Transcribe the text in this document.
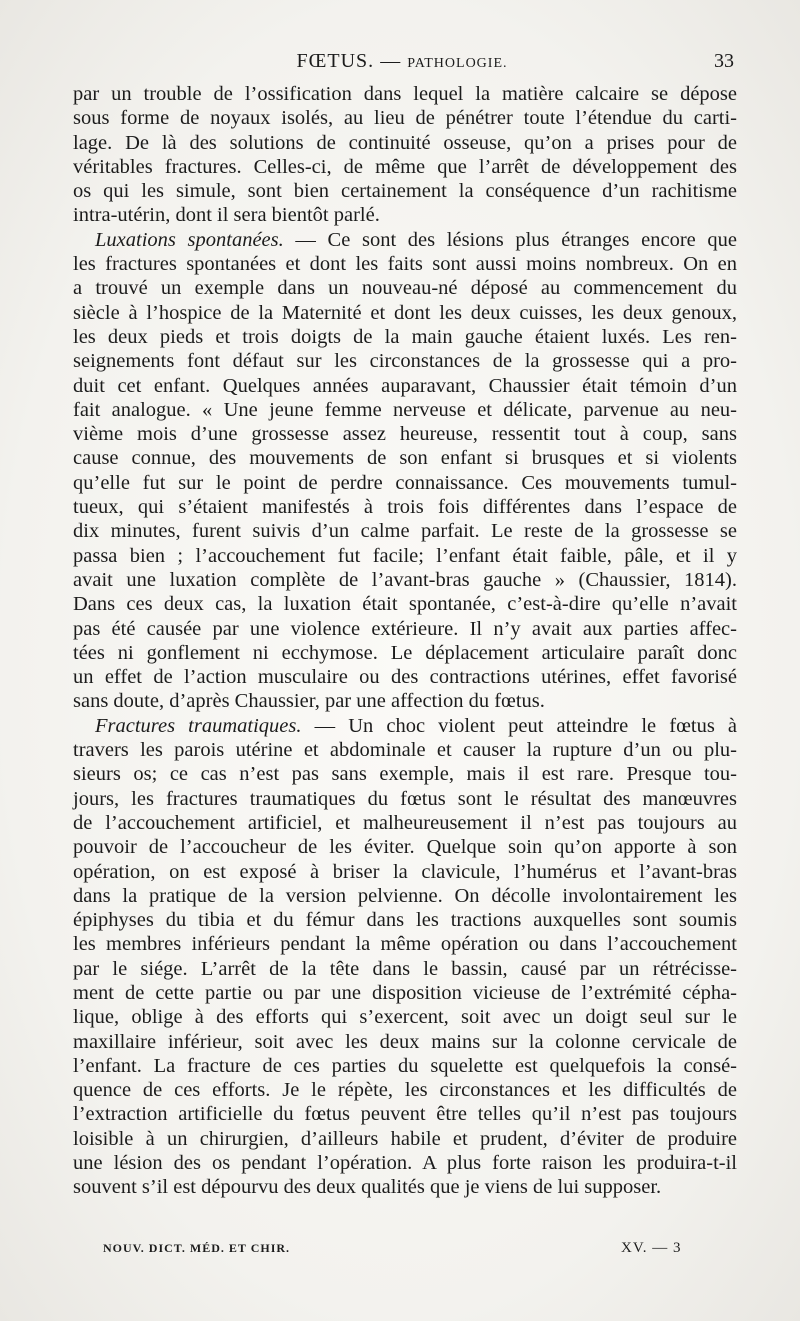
FŒTUS. — PATHOLOGIE.	33
par un trouble de l’ossification dans lequel la matière calcaire se dépose
sous forme de noyaux isolés, au lieu de pénétrer toute l’étendue du carti-
lage. De là des solutions de continuité osseuse, qu’on a prises pour de
véritables fractures. Celles-ci, de même que l’arrêt de développement des
os qui les simule, sont bien certainement la conséquence d’un rachitisme
intra-utérin, dont il sera bientôt parlé.
Luxations spontanées. — Ce sont des lésions plus étranges encore que
les fractures spontanées et dont les faits sont aussi moins nombreux. On en
a trouvé un exemple dans un nouveau-né déposé au commencement du
siècle à l’hospice de la Maternité et dont les deux cuisses, les deux genoux,
les deux pieds et trois doigts de la main gauche étaient luxés. Les ren-
seignements font défaut sur les circonstances de la grossesse qui a pro-
duit cet enfant. Quelques années auparavant, Chaussier était témoin d’un
fait analogue. « Une jeune femme nerveuse et délicate, parvenue au neu-
vième mois d’une grossesse assez heureuse, ressentit tout à coup, sans
cause connue, des mouvements de son enfant si brusques et si violents
qu’elle fut sur le point de perdre connaissance. Ces mouvements tumul-
tueux, qui s’étaient manifestés à trois fois différentes dans l’espace de
dix minutes, furent suivis d’un calme parfait. Le reste de la grossesse se
passa bien ; l’accouchement fut facile; l’enfant était faible, pâle, et il y
avait une luxation complète de l’avant-bras gauche » (Chaussier, 1814).
Dans ces deux cas, la luxation était spontanée, c’est-à-dire qu’elle n’avait
pas été causée par une violence extérieure. Il n’y avait aux parties affec-
tées ni gonflement ni ecchymose. Le déplacement articulaire paraît donc
un effet de l’action musculaire ou des contractions utérines, effet favorisé
sans doute, d’après Chaussier, par une affection du fœtus.
Fractures traumatiques. — Un choc violent peut atteindre le fœtus à
travers les parois utérine et abdominale et causer la rupture d’un ou plu-
sieurs os; ce cas n’est pas sans exemple, mais il est rare. Presque tou-
jours, les fractures traumatiques du fœtus sont le résultat des manœuvres
de l’accouchement artificiel, et malheureusement il n’est pas toujours au
pouvoir de l’accoucheur de les éviter. Quelque soin qu’on apporte à son
opération, on est exposé à briser la clavicule, l’humérus et l’avant-bras
dans la pratique de la version pelvienne. On décolle involontairement les
épiphyses du tibia et du fémur dans les tractions auxquelles sont soumis
les membres inférieurs pendant la même opération ou dans l’accouchement
par le siége. L’arrêt de la tête dans le bassin, causé par un rétrécisse-
ment de cette partie ou par une disposition vicieuse de l’extrémité cépha-
lique, oblige à des efforts qui s’exercent, soit avec un doigt seul sur le
maxillaire inférieur, soit avec les deux mains sur la colonne cervicale de
l’enfant. La fracture de ces parties du squelette est quelquefois la consé-
quence de ces efforts. Je le répète, les circonstances et les difficultés de
l’extraction artificielle du fœtus peuvent être telles qu’il n’est pas toujours
loisible à un chirurgien, d’ailleurs habile et prudent, d’éviter de produire
une lésion des os pendant l’opération. A plus forte raison les produira-t-il
souvent s’il est dépourvu des deux qualités que je viens de lui supposer.
NOUV. DICT. MÉD. ET CHIR.	XV. — 3
